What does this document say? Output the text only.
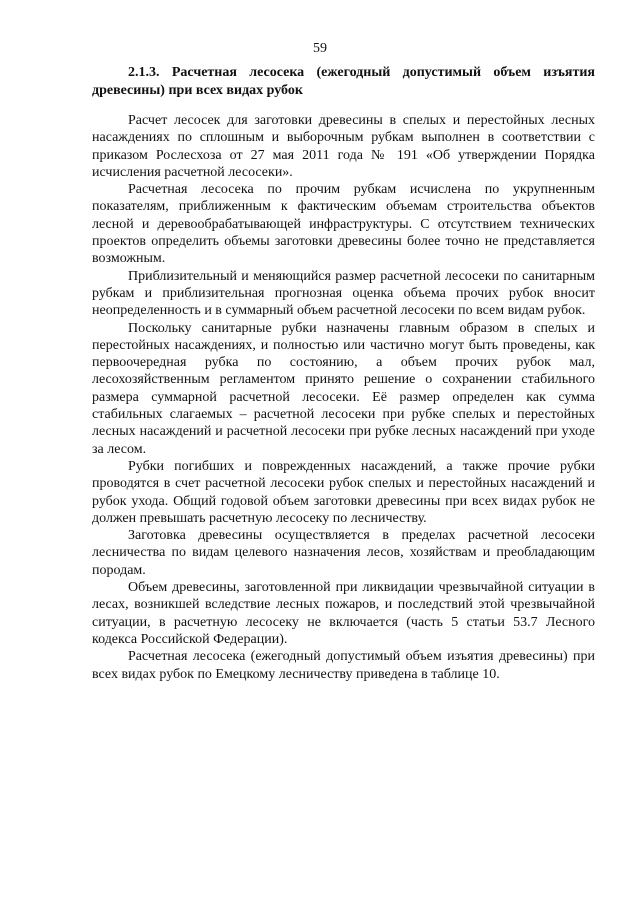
59

2.1.3. Расчетная лесосека (ежегодный допустимый объем изъятия древесины) при всех видах рубок

Расчет лесосек для заготовки древесины в спелых и перестойных лесных насаждениях по сплошным и выборочным рубкам выполнен в соответствии с приказом Рослесхоза от 27 мая 2011 года № 191 «Об утверждении Порядка исчисления расчетной лесосеки».

Расчетная лесосека по прочим рубкам исчислена по укрупненным показателям, приближенным к фактическим объемам строительства объектов лесной и деревообрабатывающей инфраструктуры. С отсутствием технических проектов определить объемы заготовки древесины более точно не представляется возможным.

Приблизительный и меняющийся размер расчетной лесосеки по санитарным рубкам и приблизительная прогнозная оценка объема прочих рубок вносит неопределенность и в суммарный объем расчетной лесосеки по всем видам рубок.

Поскольку санитарные рубки назначены главным образом в спелых и перестойных насаждениях, и полностью или частично могут быть проведены, как первоочередная рубка по состоянию, а объем прочих рубок мал, лесохозяйственным регламентом принято решение о сохранении стабильного размера суммарной расчетной лесосеки. Её размер определен как сумма стабильных слагаемых – расчетной лесосеки при рубке спелых и перестойных лесных насаждений и расчетной лесосеки при рубке лесных насаждений при уходе за лесом.

Рубки погибших и поврежденных насаждений, а также прочие рубки проводятся в счет расчетной лесосеки рубок спелых и перестойных насаждений и рубок ухода. Общий годовой объем заготовки древесины при всех видах рубок не должен превышать расчетную лесосеку по лесничеству.

Заготовка древесины осуществляется в пределах расчетной лесосеки лесничества по видам целевого назначения лесов, хозяйствам и преобладающим породам.

Объем древесины, заготовленной при ликвидации чрезвычайной ситуации в лесах, возникшей вследствие лесных пожаров, и последствий этой чрезвычайной ситуации, в расчетную лесосеку не включается (часть 5 статьи 53.7 Лесного кодекса Российской Федерации).

Расчетная лесосека (ежегодный допустимый объем изъятия древесины) при всех видах рубок по Емецкому лесничеству приведена в таблице 10.
